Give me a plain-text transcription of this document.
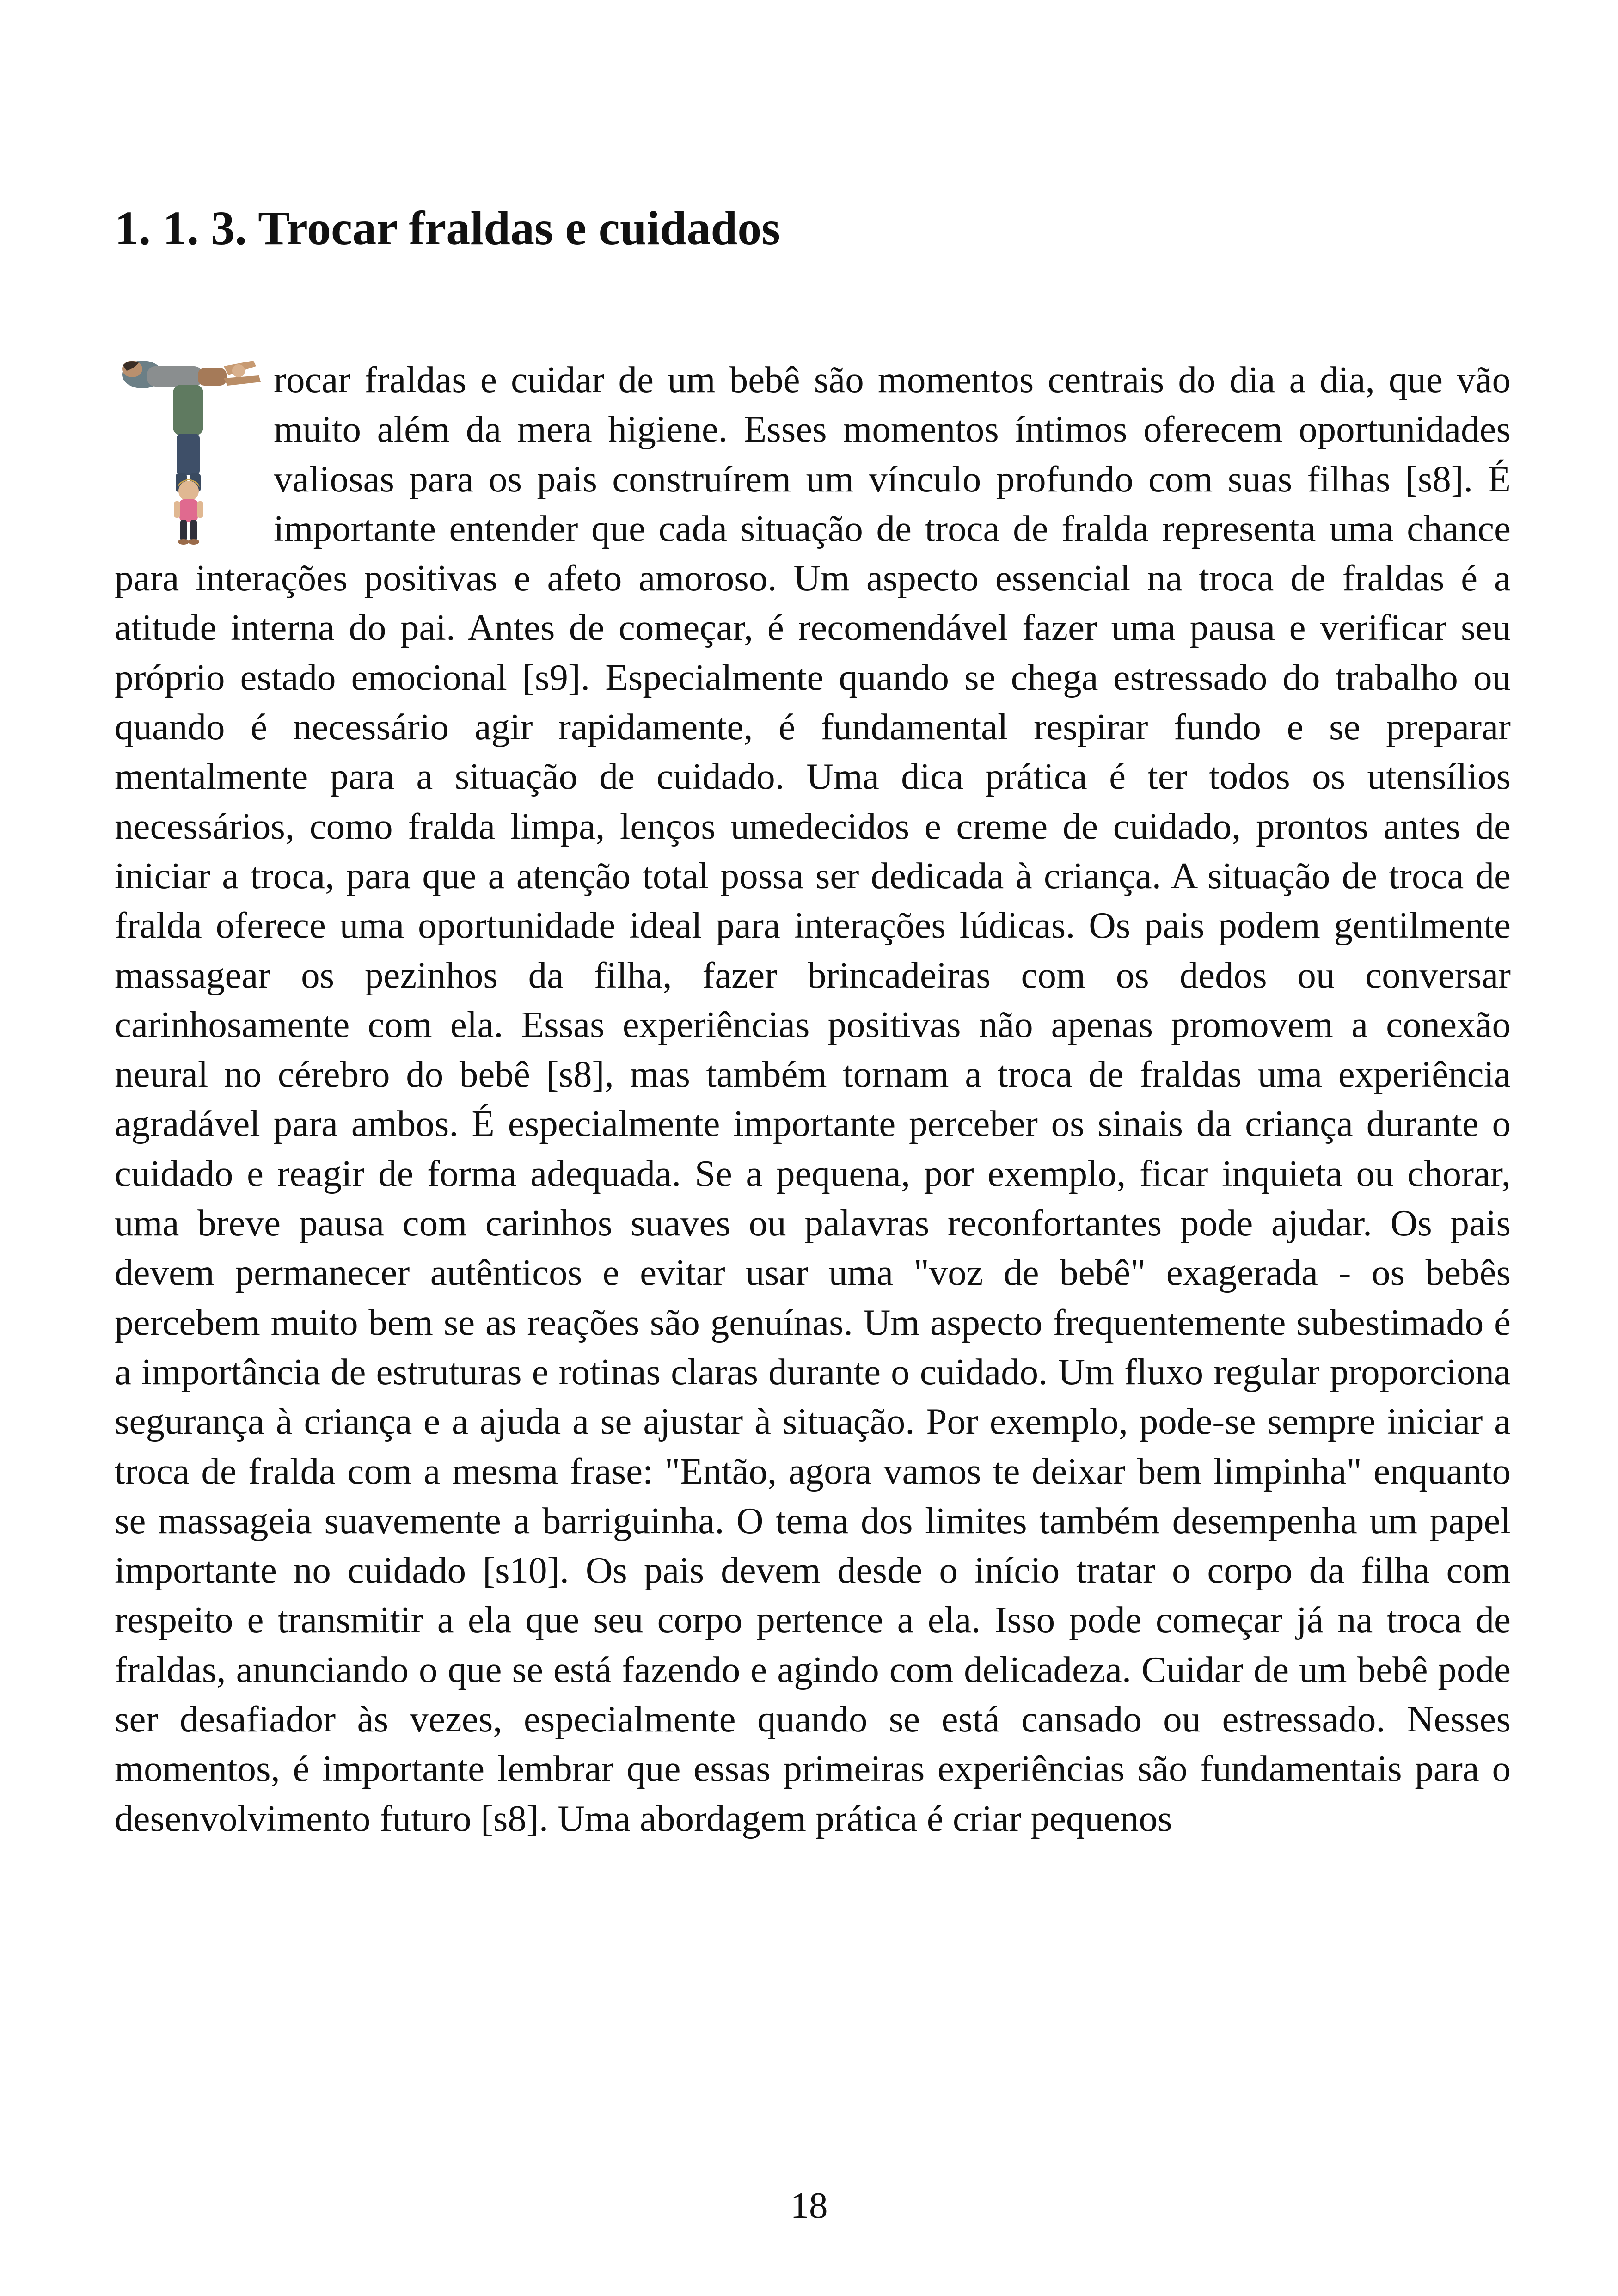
1. 1. 3. Trocar fraldas e cuidados
rocar fraldas e cuidar de um bebê são momentos centrais do dia a dia, que vão muito além da mera higiene. Esses momentos íntimos oferecem oportunidades valiosas para os pais construírem um vínculo profundo com suas filhas [s8]. É importante entender que cada situação de troca de fralda representa uma chance para interações positivas e afeto amoroso. Um aspecto essencial na troca de fraldas é a atitude interna do pai. Antes de começar, é recomendável fazer uma pausa e verificar seu próprio estado emocional [s9]. Especialmente quando se chega estressado do trabalho ou quando é necessário agir rapidamente, é fundamental respirar fundo e se preparar mentalmente para a situação de cuidado. Uma dica prática é ter todos os utensílios necessários, como fralda limpa, lenços umedecidos e creme de cuidado, prontos antes de iniciar a troca, para que a atenção total possa ser dedicada à criança. A situação de troca de fralda oferece uma oportunidade ideal para interações lúdicas. Os pais podem gentilmente massagear os pezinhos da filha, fazer brincadeiras com os dedos ou conversar carinhosamente com ela. Essas experiências positivas não apenas promovem a conexão neural no cérebro do bebê [s8], mas também tornam a troca de fraldas uma experiência agradável para ambos. É especialmente importante perceber os sinais da criança durante o cuidado e reagir de forma adequada. Se a pequena, por exemplo, ficar inquieta ou chorar, uma breve pausa com carinhos suaves ou palavras reconfortantes pode ajudar. Os pais devem permanecer autênticos e evitar usar uma "voz de bebê" exagerada - os bebês percebem muito bem se as reações são genuínas. Um aspecto frequentemente subestimado é a importância de estruturas e rotinas claras durante o cuidado. Um fluxo regular proporciona segurança à criança e a ajuda a se ajustar à situação. Por exemplo, pode-se sempre iniciar a troca de fralda com a mesma frase: "Então, agora vamos te deixar bem limpinha" enquanto se massageia suavemente a barriguinha. O tema dos limites também desempenha um papel importante no cuidado [s10]. Os pais devem desde o início tratar o corpo da filha com respeito e transmitir a ela que seu corpo pertence a ela. Isso pode começar já na troca de fraldas, anunciando o que se está fazendo e agindo com delicadeza. Cuidar de um bebê pode ser desafiador às vezes, especialmente quando se está cansado ou estressado. Nesses momentos, é importante lembrar que essas primeiras experiências são fundamentais para o desenvolvimento futuro [s8]. Uma abordagem prática é criar pequenos
18
